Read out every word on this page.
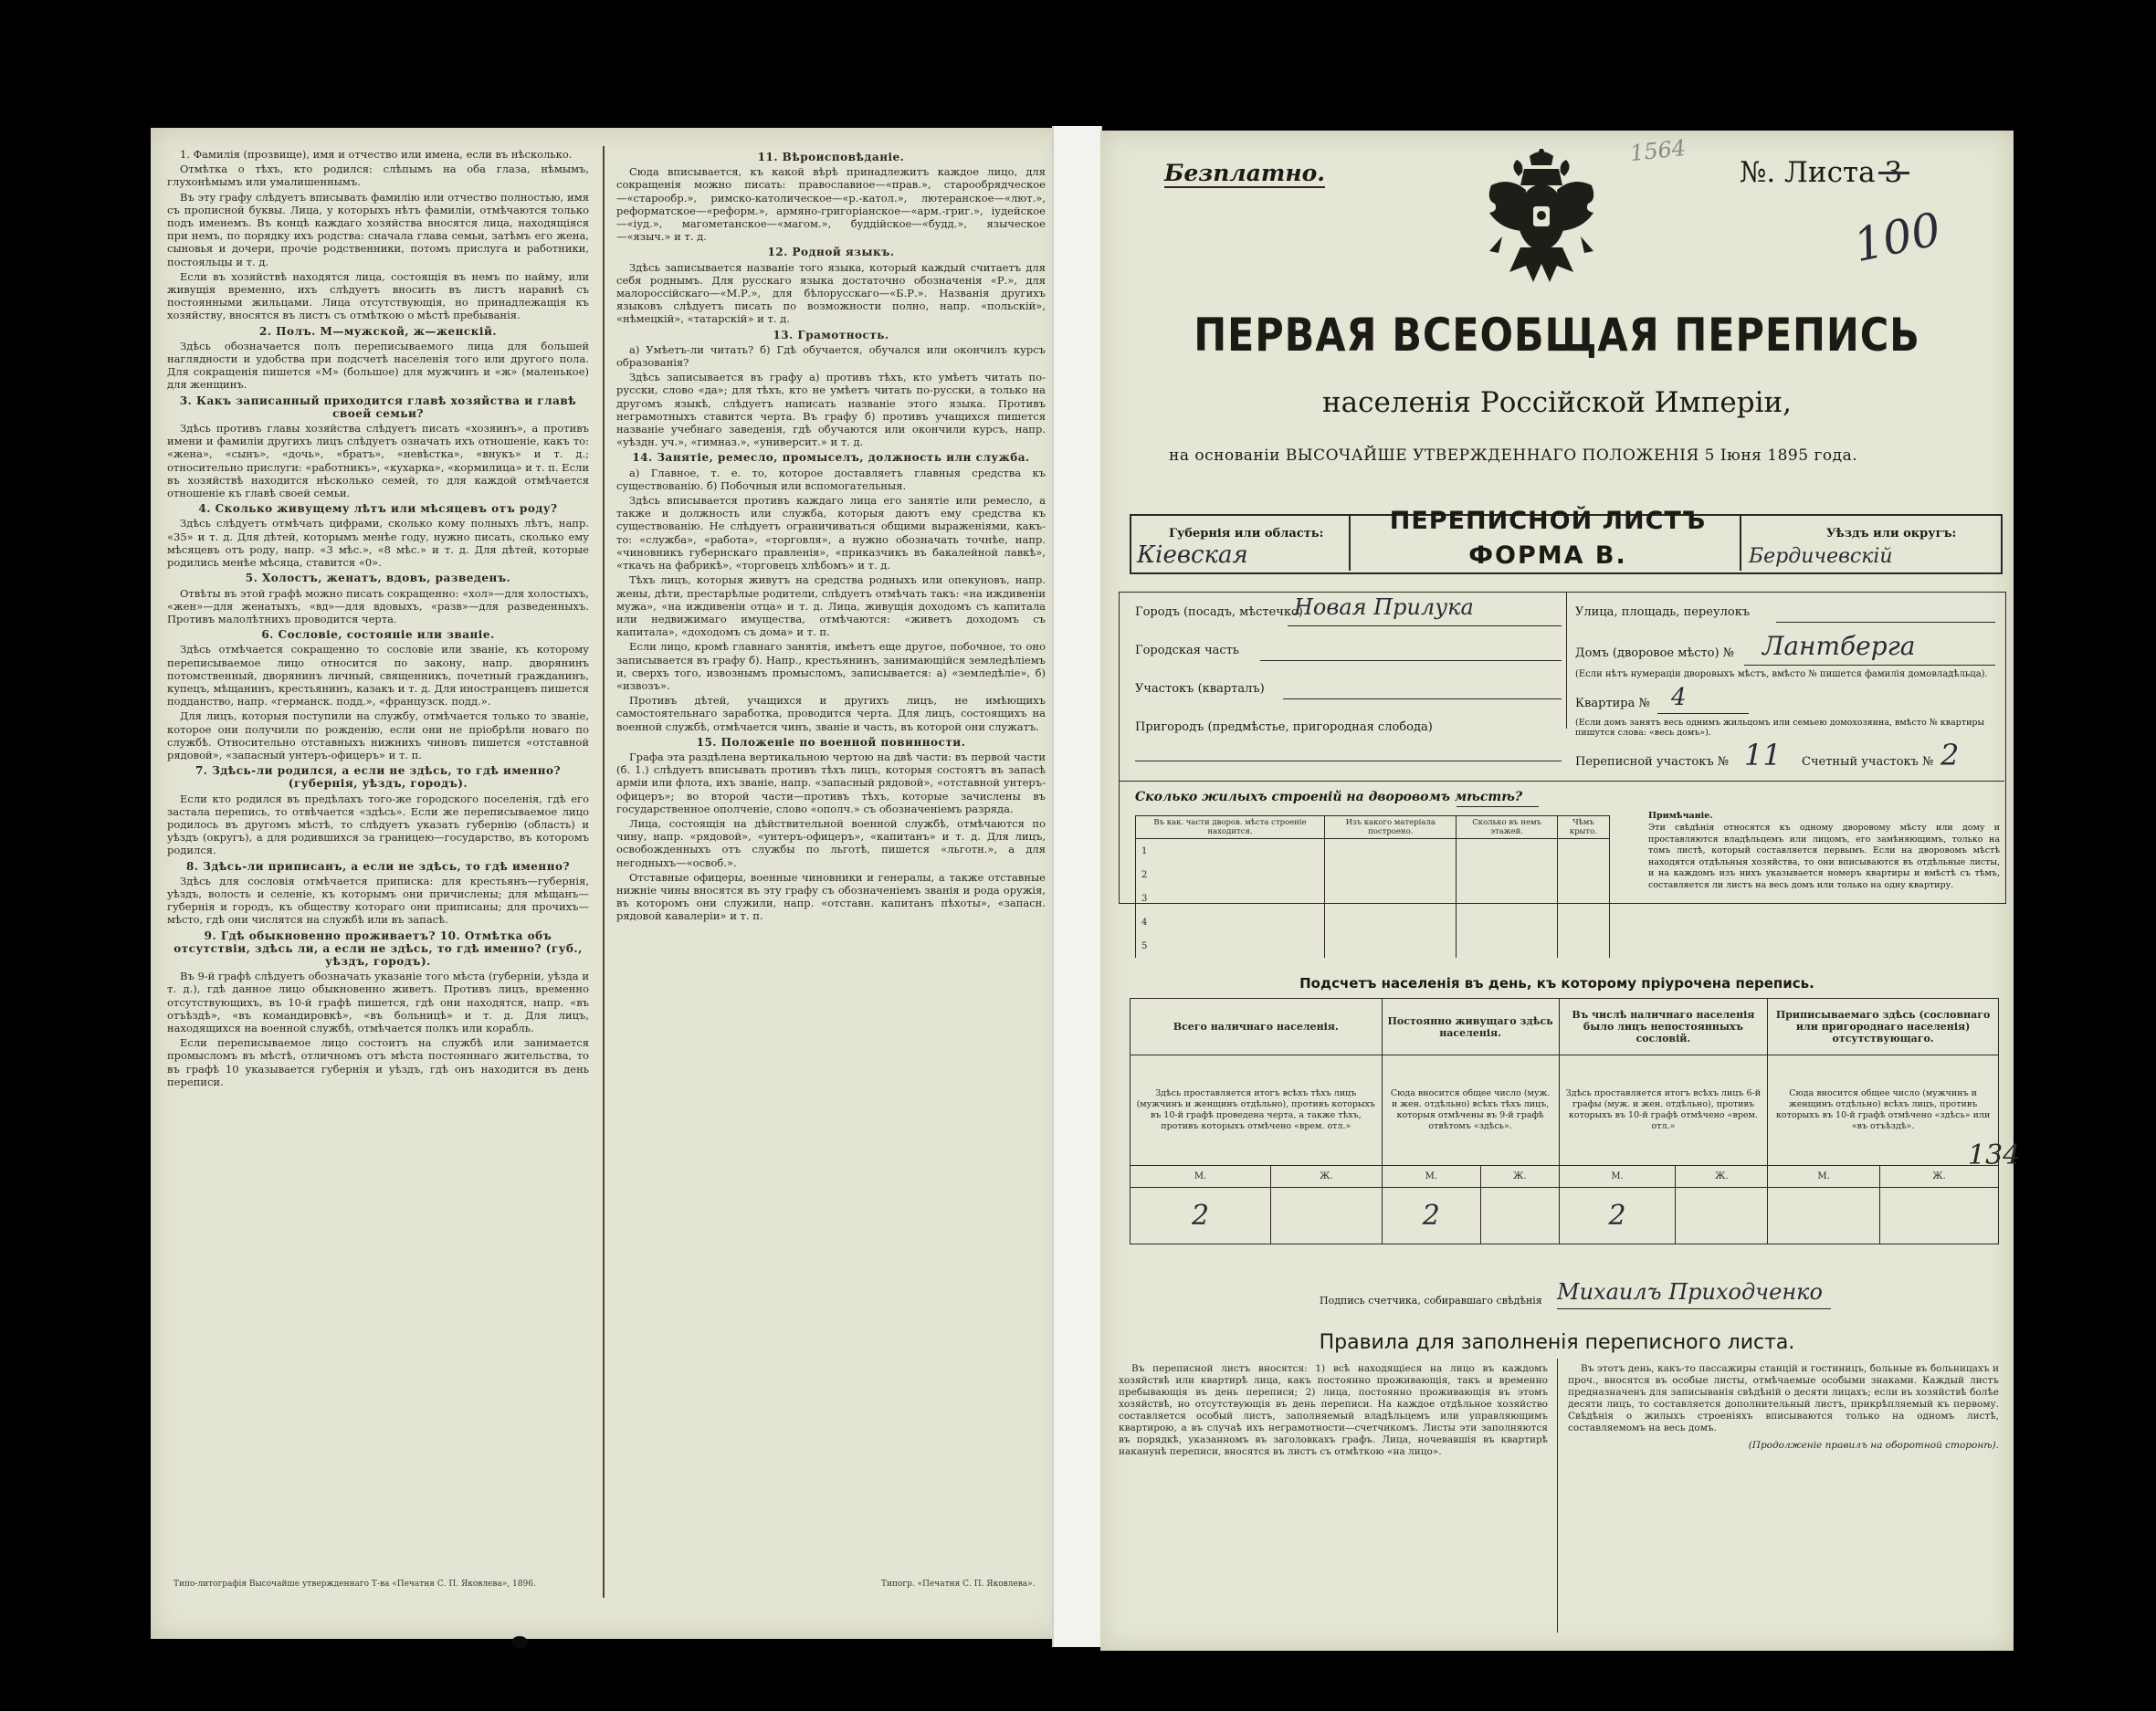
1. Фамилія (прозвище), имя и отчество или имена, если въ нѣсколько.

Отмѣтка о тѣхъ, кто родился: слѣпымъ на оба глаза, нѣмымъ, глухонѣмымъ или умалишеннымъ.

Въ эту графу слѣдуетъ вписывать фамилію или отчество полностью, имя съ прописной буквы. Лица, у которыхъ нѣтъ фамиліи, отмѣчаются только подъ именемъ. Въ концѣ каждаго хозяйства вносятся лица, находящіяся при немъ, по порядку ихъ родства: сначала глава семьи, затѣмъ его жена, сыновья и дочери, прочіе родственники, потомъ прислуга и работники, постояльцы и т. д.

Если въ хозяйствѣ находятся лица, состоящія въ немъ по найму, или живущія временно, ихъ слѣдуетъ вносить въ листъ наравнѣ съ постоянными жильцами. Лица отсутствующія, но принадлежащія къ хозяйству, вносятся въ листъ съ отмѣткою о мѣстѣ пребыванія.

2. Полъ. М—мужской, ж—женскій.

Здѣсь обозначается полъ переписываемого лица для большей наглядности и удобства при подсчетѣ населенія того или другого пола. Для сокращенія пишется «М» (большое) для мужчинъ и «ж» (маленькое) для женщинъ.

3. Какъ записанный приходится главѣ хозяйства и главѣ своей семьи?

Здѣсь противъ главы хозяйства слѣдуетъ писать «хозяинъ», а противъ имени и фамиліи другихъ лицъ слѣдуетъ означать ихъ отношеніе, какъ то: «жена», «сынъ», «дочь», «братъ», «невѣстка», «внукъ» и т. д.; относительно прислуги: «работникъ», «кухарка», «кормилица» и т. п. Если въ хозяйствѣ находится нѣсколько семей, то для каждой отмѣчается отношеніе къ главѣ своей семьи.

4. Сколько живущему лѣтъ или мѣсяцевъ отъ роду?

Здѣсь слѣдуетъ отмѣчать цифрами, сколько кому полныхъ лѣтъ, напр. «35» и т. д. Для дѣтей, которымъ менѣе году, нужно писать, сколько ему мѣсяцевъ отъ роду, напр. «3 мѣс.», «8 мѣс.» и т. д. Для дѣтей, которые родились менѣе мѣсяца, ставится «0».

5. Холостъ, женатъ, вдовъ, разведенъ.

Отвѣты въ этой графѣ можно писать сокращенно: «хол»—для холостыхъ, «жен»—для женатыхъ, «вд»—для вдовыхъ, «разв»—для разведенныхъ. Противъ малолѣтнихъ проводится черта.

6. Сословіе, состояніе или званіе.

Здѣсь отмѣчается сокращенно то сословіе или званіе, къ которому переписываемое лицо относится по закону, напр. дворянинъ потомственный, дворянинъ личный, священникъ, почетный гражданинъ, купецъ, мѣщанинъ, крестьянинъ, казакъ и т. д. Для иностранцевъ пишется подданство, напр. «германск. подд.», «французск. подд.».

Для лицъ, которыя поступили на службу, отмѣчается только то званіе, которое они получили по рожденію, если они не пріобрѣли новаго по службѣ. Относительно отставныхъ нижнихъ чиновъ пишется «отставной рядовой», «запасный унтеръ-офицеръ» и т. п.

7. Здѣсь-ли родился, а если не здѣсь, то гдѣ именно? (губернія, уѣздъ, городъ).

Если кто родился въ предѣлахъ того-же городского поселенія, гдѣ его застала перепись, то отвѣчается «здѣсь». Если же переписываемое лицо родилось въ другомъ мѣстѣ, то слѣдуетъ указать губернію (область) и уѣздъ (округъ), а для родившихся за границею—государство, въ которомъ родился.

8. Здѣсь-ли приписанъ, а если не здѣсь, то гдѣ именно?

Здѣсь для сословія отмѣчается приписка: для крестьянъ—губернія, уѣздъ, волость и селеніе, къ которымъ они причислены; для мѣщанъ—губернія и городъ, къ обществу котораго они приписаны; для прочихъ—мѣсто, гдѣ они числятся на службѣ или въ запасѣ.

9. Гдѣ обыкновенно проживаетъ? 10. Отмѣтка объ отсутствіи, здѣсь ли, а если не здѣсь, то гдѣ именно? (губ., уѣздъ, городъ).

Въ 9-й графѣ слѣдуетъ обозначать указаніе того мѣста (губерніи, уѣзда и т. д.), гдѣ данное лицо обыкновенно живетъ. Противъ лицъ, временно отсутствующихъ, въ 10-й графѣ пишется, гдѣ они находятся, напр. «въ отъѣздѣ», «въ командировкѣ», «въ больницѣ» и т. д. Для лицъ, находящихся на военной службѣ, отмѣчается полкъ или корабль.

Если переписываемое лицо состоитъ на службѣ или занимается промысломъ въ мѣстѣ, отличномъ отъ мѣста постояннаго жительства, то въ графѣ 10 указывается губернія и уѣздъ, гдѣ онъ находится въ день переписи.

11. Вѣроисповѣданіе.

Сюда вписывается, къ какой вѣрѣ принадлежитъ каждое лицо, для сокращенія можно писать: православное—«прав.», старообрядческое—«старообр.», римско-католическое—«р.-катол.», лютеранское—«лют.», реформатское—«реформ.», армяно-григоріанское—«арм.-григ.», іудейское—«іуд.», магометанское—«магом.», буддійское—«будд.», языческое—«языч.» и т. д.

12. Родной языкъ.

Здѣсь записывается названіе того языка, который каждый считаетъ для себя роднымъ. Для русскаго языка достаточно обозначенія «Р.», для малороссійскаго—«М.Р.», для бѣлорусскаго—«Б.Р.». Названія другихъ языковъ слѣдуетъ писать по возможности полно, напр. «польскій», «нѣмецкій», «татарскій» и т. д.

13. Грамотность.

а) Умѣетъ-ли читать? б) Гдѣ обучается, обучался или окончилъ курсъ образованія?

Здѣсь записывается въ графу а) противъ тѣхъ, кто умѣетъ читать по-русски, слово «да»; для тѣхъ, кто не умѣетъ читать по-русски, а только на другомъ языкѣ, слѣдуетъ написать названіе этого языка. Противъ неграмотныхъ ставится черта. Въ графу б) противъ учащихся пишется названіе учебнаго заведенія, гдѣ обучаются или окончили курсъ, напр. «уѣздн. уч.», «гимназ.», «университ.» и т. д.

14. Занятіе, ремесло, промыселъ, должность или служба.

а) Главное, т. е. то, которое доставляетъ главныя средства къ существованію. б) Побочныя или вспомогательныя.

Здѣсь вписывается противъ каждаго лица его занятіе или ремесло, а также и должность или служба, которыя даютъ ему средства къ существованію. Не слѣдуетъ ограничиваться общими выраженіями, какъ-то: «служба», «работа», «торговля», а нужно обозначать точнѣе, напр. «чиновникъ губернскаго правленія», «приказчикъ въ бакалейной лавкѣ», «ткачъ на фабрикѣ», «торговецъ хлѣбомъ» и т. д.

Тѣхъ лицъ, которыя живутъ на средства родныхъ или опекуновъ, напр. жены, дѣти, престарѣлые родители, слѣдуетъ отмѣчать такъ: «на иждивеніи мужа», «на иждивеніи отца» и т. д. Лица, живущія доходомъ съ капитала или недвижимаго имущества, отмѣчаются: «живетъ доходомъ съ капитала», «доходомъ съ дома» и т. п.

Если лицо, кромѣ главнаго занятія, имѣетъ еще другое, побочное, то оно записывается въ графу б). Напр., крестьянинъ, занимающійся земледѣліемъ и, сверхъ того, извознымъ промысломъ, записывается: а) «земледѣліе», б) «извозъ».

Противъ дѣтей, учащихся и другихъ лицъ, не имѣющихъ самостоятельнаго заработка, проводится черта. Для лицъ, состоящихъ на военной службѣ, отмѣчается чинъ, званіе и часть, въ которой они служатъ.

15. Положеніе по военной повинности.

Графа эта раздѣлена вертикальною чертою на двѣ части: въ первой части (б. 1.) слѣдуетъ вписывать противъ тѣхъ лицъ, которыя состоятъ въ запасѣ арміи или флота, ихъ званіе, напр. «запасный рядовой», «отставной унтеръ-офицеръ»; во второй части—противъ тѣхъ, которые зачислены въ государственное ополченіе, слово «ополч.» съ обозначеніемъ разряда.

Лица, состоящія на дѣйствительной военной службѣ, отмѣчаются по чину, напр. «рядовой», «унтеръ-офицеръ», «капитанъ» и т. д. Для лицъ, освобожденныхъ отъ службы по льготѣ, пишется «льготн.», а для негодныхъ—«освоб.».

Отставные офицеры, военные чиновники и генералы, а также отставные нижніе чины вносятся въ эту графу съ обозначеніемъ званія и рода оружія, въ которомъ они служили, напр. «отставн. капитанъ пѣхоты», «запасн. рядовой кавалеріи» и т. п.

Типо-литографія Высочайше утвержденнаго Т-ва «Печатня С. П. Яковлева», 1896.	Типогр. «Печатня С. П. Яковлева».
Безплатно.
1564
№. Листа 3
100
ПЕРВАЯ ВСЕОБЩАЯ ПЕРЕПИСЬ
населенія Россійской Имперіи,
на основаніи ВЫСОЧАЙШЕ УТВЕРЖДЕННАГО ПОЛОЖЕНІЯ 5 Іюня 1895 года.
Губернія или область:
Кіевская
ПЕРЕПИСНОЙ ЛИСТЪ
ФОРМА В.
Уѣздъ или округъ:
Бердичевскій
Городъ (посадъ, мѣстечко)
Новая Прилука
Городская часть
Участокъ (кварталъ)
Пригородъ (предмѣстье, пригородная слобода)
Улица, площадь, переулокъ
Домъ (дворовое мѣсто) № Лантберга
(Если нѣтъ нумераціи дворовыхъ мѣстъ, вмѣсто № пишется фамилія домовладѣльца).
Квартира № 4
(Если домъ занятъ весь однимъ жильцомъ или семьею домохозяина, вмѣсто № квартиры пишутся слова: «весь домъ»).
Переписной участокъ № 11 Счетный участокъ № 2
Сколько жилыхъ строеній на дворовомъ мѣстѣ?
Въ как. части дворов. мѣста строеніе находится.	Изъ какого матеріала построено.	Сколько въ немъ этажей.	Чѣмъ крыто.
1			
2			
3			
4			
5			
Примѣчаніе.
Эти свѣдѣнія относятся къ одному дворовому мѣсту или дому и проставляются владѣльцемъ или лицомъ, его замѣняющимъ, только на томъ листѣ, который составляется первымъ. Если на дворовомъ мѣстѣ находятся отдѣльныя хозяйства, то они вписываются въ отдѣльные листы, и на каждомъ изъ нихъ указывается номеръ квартиры и вмѣстѣ съ тѣмъ, составляется ли листъ на весь домъ или только на одну квартиру.
Подсчетъ населенія въ день, къ которому пріурочена перепись.
Всего наличнаго населенія.		Постоянно живущаго здѣсь населенія.		Въ числѣ наличнаго населенія было лицъ непостоянныхъ сословій.		Приписываемаго здѣсь (сословнаго или пригороднаго населенія) отсутствующаго.	
Здѣсь проставляется итогъ всѣхъ тѣхъ лицъ (мужчинъ и женщинъ отдѣльно), противъ которыхъ въ 10-й графѣ проведена черта, а также тѣхъ, противъ которыхъ отмѣчено «врем. отл.»		Сюда вносится общее число (муж. и жен. отдѣльно) всѣхъ тѣхъ лицъ, которыя отмѣчены въ 9-й графѣ отвѣтомъ «здѣсь».		Здѣсь проставляется итогъ всѣхъ лицъ 6-й графы (муж. и жен. отдѣльно), противъ которыхъ въ 10-й графѣ отмѣчено «врем. отл.»		Сюда вносится общее число (мужчинъ и женщинъ отдѣльно) всѣхъ лицъ, противъ которыхъ въ 10-й графѣ отмѣчено «здѣсь» или «въ отъѣздѣ».	
М.	Ж.	М.	Ж.	М.	Ж.	М.	Ж.
2		2		2			
134
Подпись счетчика, собиравшаго свѣдѣнія Михаилъ Приходченко
Правила для заполненія переписного листа.

Въ переписной листъ вносятся: 1) всѣ находящіеся на лицо въ каждомъ хозяйствѣ или квартирѣ лица, какъ постоянно проживающія, такъ и временно пребывающія въ день переписи; 2) лица, постоянно проживающія въ этомъ хозяйствѣ, но отсутствующія въ день переписи. На каждое отдѣльное хозяйство составляется особый листъ, заполняемый владѣльцемъ или управляющимъ квартирою, а въ случаѣ ихъ неграмотности—счетчикомъ. Листы эти заполняются въ порядкѣ, указанномъ въ заголовкахъ графъ. Лица, ночевавшія въ квартирѣ наканунѣ переписи, вносятся въ листъ съ отмѣткою «на лицо».

Въ этотъ день, какъ-то пассажиры станцій и гостиницъ, больные въ больницахъ и проч., вносятся въ особые листы, отмѣчаемые особыми знаками. Каждый листъ предназначенъ для записыванія свѣдѣній о десяти лицахъ; если въ хозяйствѣ болѣе десяти лицъ, то составляется дополнительный листъ, прикрѣпляемый къ первому. Свѣдѣнія о жилыхъ строеніяхъ вписываются только на одномъ листѣ, составляемомъ на весь домъ.

(Продолженіе правилъ на оборотной сторонѣ).
